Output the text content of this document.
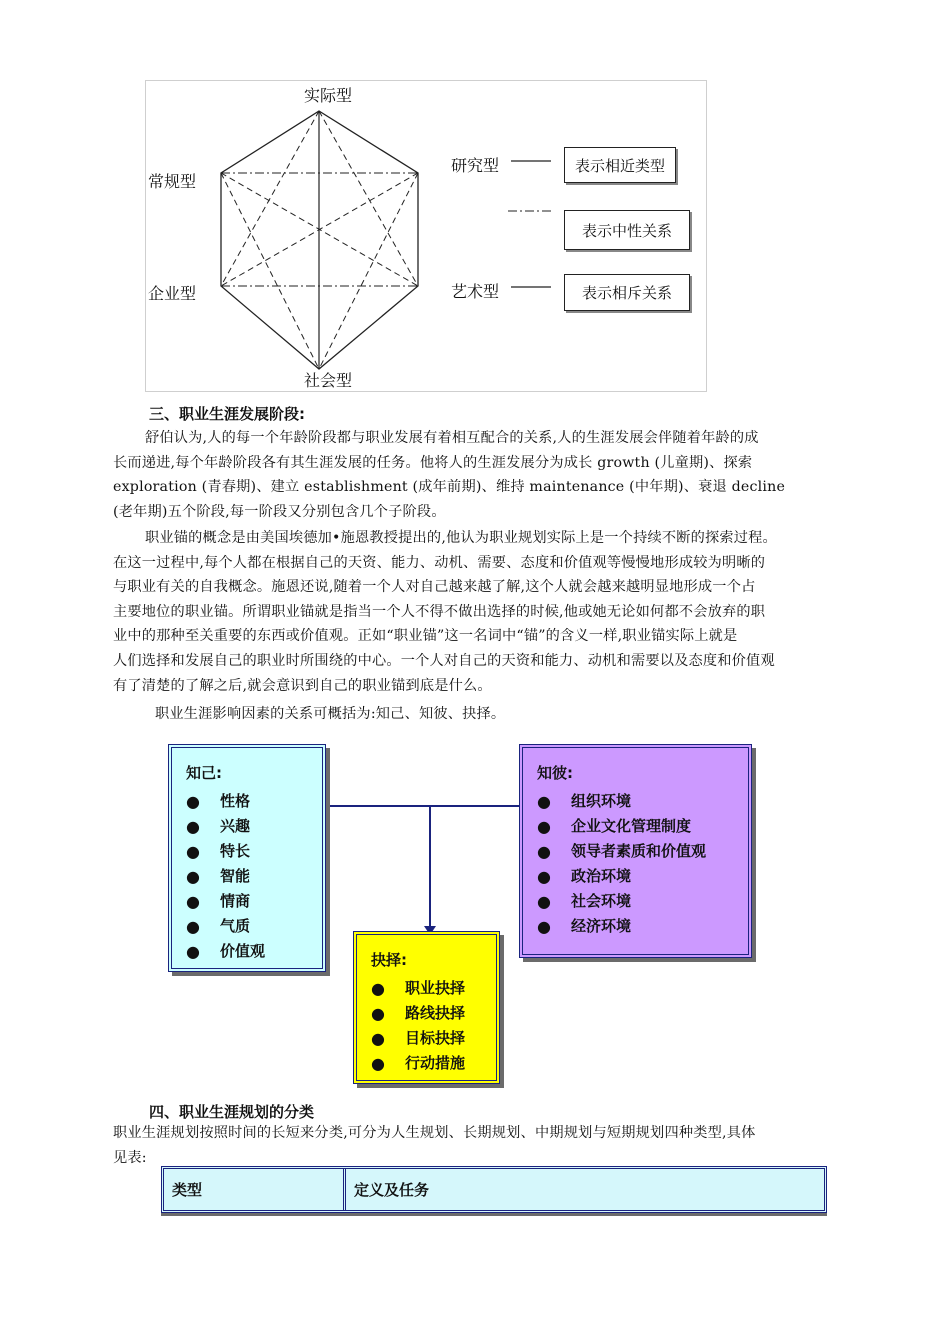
实际型
常规型
企业型
社会型
研究型
艺术型
表示相近类型
表示中性关系
表示相斥关系
三、职业生涯发展阶段:
舒伯认为,人的每一个年龄阶段都与职业发展有着相互配合的关系,人的生涯发展会伴随着年龄的成
长而递进,每个年龄阶段各有其生涯发展的任务。他将人的生涯发展分为成长 growth (儿童期)、探索
exploration (青春期)、建立 establishment (成年前期)、维持 maintenance (中年期)、衰退 decline
(老年期)五个阶段,每一阶段又分别包含几个子阶段。
职业锚的概念是由美国埃德加•施恩教授提出的,他认为职业规划实际上是一个持续不断的探索过程。
在这一过程中,每个人都在根据自己的天资、能力、动机、需要、态度和价值观等慢慢地形成较为明晰的
与职业有关的自我概念。施恩还说,随着一个人对自己越来越了解,这个人就会越来越明显地形成一个占
主要地位的职业锚。所谓职业锚就是指当一个人不得不做出选择的时候,他或她无论如何都不会放弃的职
业中的那种至关重要的东西或价值观。正如“职业锚”这一名词中“锚”的含义一样,职业锚实际上就是
人们选择和发展自己的职业时所围绕的中心。一个人对自己的天资和能力、动机和需要以及态度和价值观
有了清楚的了解之后,就会意识到自己的职业锚到底是什么。
职业生涯影响因素的关系可概括为:知己、知彼、抉择。
知己:
●	性格
●	兴趣
●	特长
●	智能
●	情商
●	气质
●	价值观
知彼:
●	组织环境
●	企业文化管理制度
●	领导者素质和价值观
●	政治环境
●	社会环境
●	经济环境
抉择:
●	职业抉择
●	路线抉择
●	目标抉择
●	行动措施
四、职业生涯规划的分类
职业生涯规划按照时间的长短来分类,可分为人生规划、长期规划、中期规划与短期规划四种类型,具体
见表:
类型	定义及任务
